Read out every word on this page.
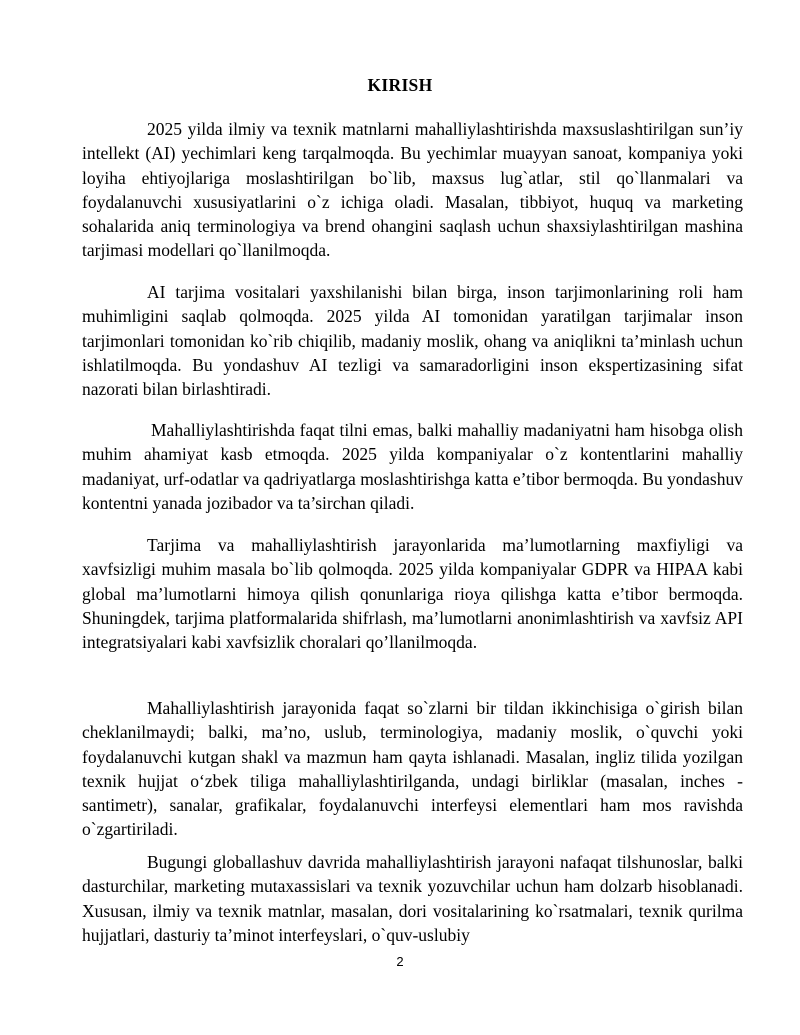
KIRISH

2025 yilda ilmiy va texnik matnlarni mahalliylashtirishda maxsuslashtirilgan sun’iy intellekt (AI) yechimlari keng tarqalmoqda. Bu yechimlar muayyan sanoat, kompaniya yoki loyiha ehtiyojlariga moslashtirilgan bo`lib, maxsus lug`atlar, stil qo`llanmalari va foydalanuvchi xususiyatlarini o`z ichiga oladi. Masalan, tibbiyot, huquq va marketing sohalarida aniq terminologiya va brend ohangini saqlash uchun shaxsiylashtirilgan mashina tarjimasi modellari qo`llanilmoqda.

AI tarjima vositalari yaxshilanishi bilan birga, inson tarjimonlarining roli ham muhimligini saqlab qolmoqda. 2025 yilda AI tomonidan yaratilgan tarjimalar inson tarjimonlari tomonidan ko`rib chiqilib, madaniy moslik, ohang va aniqlikni ta’minlash uchun ishlatilmoqda. Bu yondashuv AI tezligi va samaradorligini inson ekspertizasining sifat nazorati bilan birlashtiradi.

Mahalliylashtirishda faqat tilni emas, balki mahalliy madaniyatni ham hisobga olish muhim ahamiyat kasb etmoqda. 2025 yilda kompaniyalar o`z kontentlarini mahalliy madaniyat, urf-odatlar va qadriyatlarga moslashtirishga katta e’tibor bermoqda. Bu yondashuv kontentni yanada jozibador va ta’sirchan qiladi.

Tarjima va mahalliylashtirish jarayonlarida ma’lumotlarning maxfiyligi va xavfsizligi muhim masala bo`lib qolmoqda. 2025 yilda kompaniyalar GDPR va HIPAA kabi global ma’lumotlarni himoya qilish qonunlariga rioya qilishga katta e’tibor bermoqda. Shuningdek, tarjima platformalarida shifrlash, ma’lumotlarni anonimlashtirish va xavfsiz API integratsiyalari kabi xavfsizlik choralari qo’llanilmoqda.

Mahalliylashtirish jarayonida faqat so`zlarni bir tildan ikkinchisiga o`girish bilan cheklanilmaydi; balki, ma’no, uslub, terminologiya, madaniy moslik, o`quvchi yoki foydalanuvchi kutgan shakl va mazmun ham qayta ishlanadi. Masalan, ingliz tilida yozilgan texnik hujjat o‘zbek tiliga mahalliylashtirilganda, undagi birliklar (masalan, inches - santimetr), sanalar, grafikalar, foydalanuvchi interfeysi elementlari ham mos ravishda o`zgartiriladi.

Bugungi globallashuv davrida mahalliylashtirish jarayoni nafaqat tilshunoslar, balki dasturchilar, marketing mutaxassislari va texnik yozuvchilar uchun ham dolzarb hisoblanadi. Xususan, ilmiy va texnik matnlar, masalan, dori vositalarining ko`rsatmalari, texnik qurilma hujjatlari, dasturiy ta’minot interfeyslari, o`quv-uslubiy

2
